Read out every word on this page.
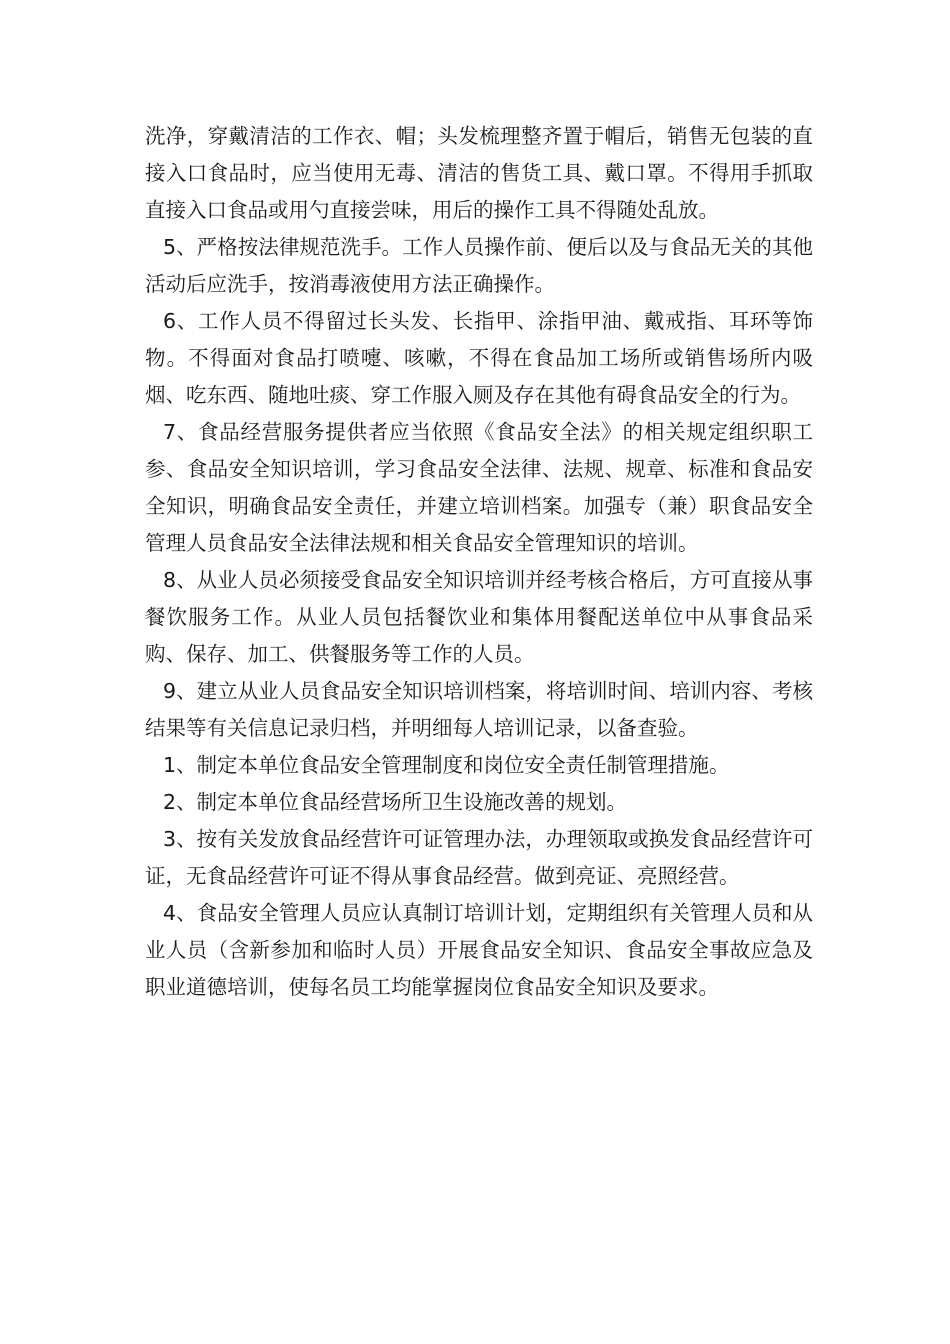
洗净，穿戴清洁的工作衣、帽；头发梳理整齐置于帽后，销售无包装的直接入口食品时，应当使用无毒、清洁的售货工具、戴口罩。不得用手抓取直接入口食品或用勺直接尝味，用后的操作工具不得随处乱放。

5、严格按法律规范洗手。工作人员操作前、便后以及与食品无关的其他活动后应洗手，按消毒液使用方法正确操作。

6、工作人员不得留过长头发、长指甲、涂指甲油、戴戒指、耳环等饰物。不得面对食品打喷嚏、咳嗽，不得在食品加工场所或销售场所内吸烟、吃东西、随地吐痰、穿工作服入厕及存在其他有碍食品安全的行为。

7、食品经营服务提供者应当依照《食品安全法》的相关规定组织职工参、食品安全知识培训，学习食品安全法律、法规、规章、标准和食品安全知识，明确食品安全责任，并建立培训档案。加强专（兼）职食品安全管理人员食品安全法律法规和相关食品安全管理知识的培训。

8、从业人员必须接受食品安全知识培训并经考核合格后，方可直接从事餐饮服务工作。从业人员包括餐饮业和集体用餐配送单位中从事食品采购、保存、加工、供餐服务等工作的人员。

9、建立从业人员食品安全知识培训档案，将培训时间、培训内容、考核结果等有关信息记录归档，并明细每人培训记录，以备查验。

1、制定本单位食品安全管理制度和岗位安全责任制管理措施。

2、制定本单位食品经营场所卫生设施改善的规划。

3、按有关发放食品经营许可证管理办法，办理领取或换发食品经营许可证，无食品经营许可证不得从事食品经营。做到亮证、亮照经营。

4、食品安全管理人员应认真制订培训计划，定期组织有关管理人员和从业人员（含新参加和临时人员）开展食品安全知识、食品安全事故应急及职业道德培训，使每名员工均能掌握岗位食品安全知识及要求。
